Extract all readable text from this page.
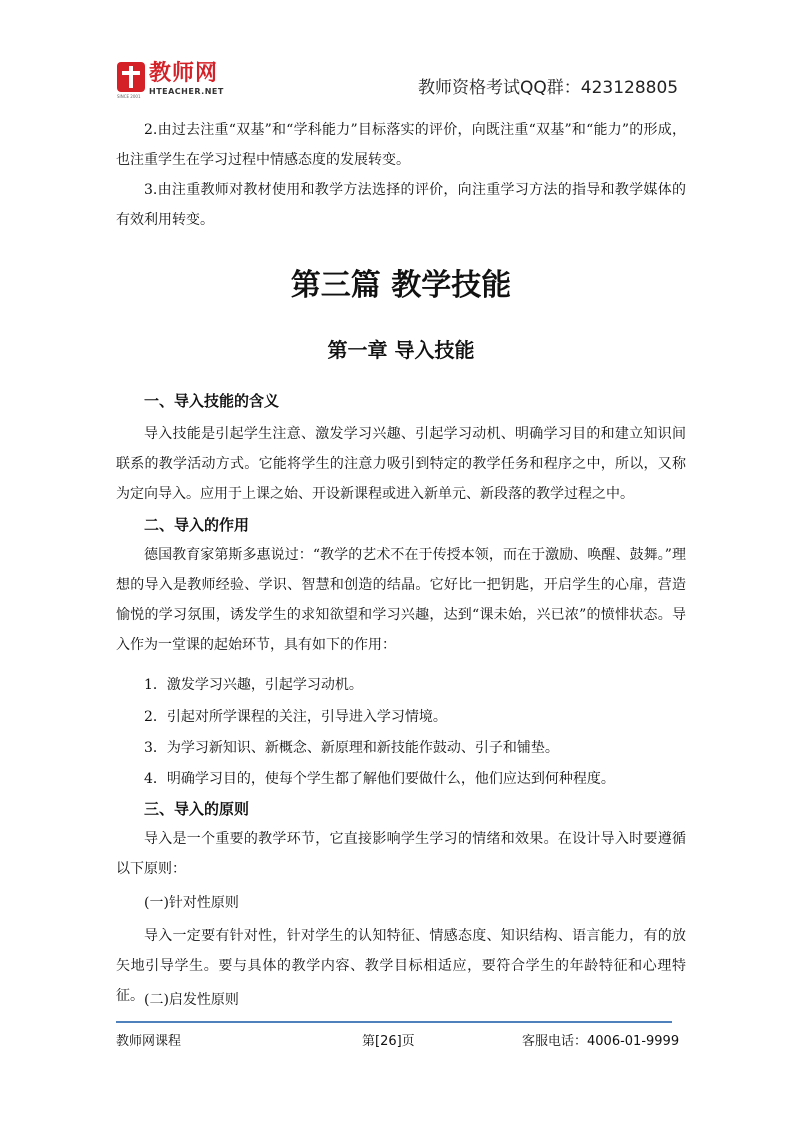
教师网
HTEACHER.NET
SINCE 2001	教师资格考试QQ群：423128805

2.由过去注重“双基”和“学科能力”目标落实的评价，向既注重“双基”和“能力”的形成，也注重学生在学习过程中情感态度的发展转变。

3.由注重教师对教材使用和教学方法选择的评价，向注重学习方法的指导和教学媒体的有效利用转变。

第三篇 教学技能
第一章 导入技能
一、导入技能的含义

导入技能是引起学生注意、激发学习兴趣、引起学习动机、明确学习目的和建立知识间联系的教学活动方式。它能将学生的注意力吸引到特定的教学任务和程序之中，所以，又称为定向导入。应用于上课之始、开设新课程或进入新单元、新段落的教学过程之中。

二、导入的作用

德国教育家第斯多惠说过：“教学的艺术不在于传授本领，而在于激励、唤醒、鼓舞。”理想的导入是教师经验、学识、智慧和创造的结晶。它好比一把钥匙，开启学生的心扉，营造愉悦的学习氛围，诱发学生的求知欲望和学习兴趣，达到“课未始，兴已浓”的愤悱状态。导入作为一堂课的起始环节，具有如下的作用：

1．激发学习兴趣，引起学习动机。

2．引起对所学课程的关注，引导进入学习情境。

3．为学习新知识、新概念、新原理和新技能作鼓动、引子和铺垫。

4．明确学习目的，使每个学生都了解他们要做什么，他们应达到何种程度。

三、导入的原则

导入是一个重要的教学环节，它直接影响学生学习的情绪和效果。在设计导入时要遵循以下原则：

(一)针对性原则

导入一定要有针对性，针对学生的认知特征、情感态度、知识结构、语言能力，有的放矢地引导学生。要与具体的教学内容、教学目标相适应，要符合学生的年龄特征和心理特征。 (二)启发性原则

教师网课程	第[26]页	客服电话：4006-01-9999
